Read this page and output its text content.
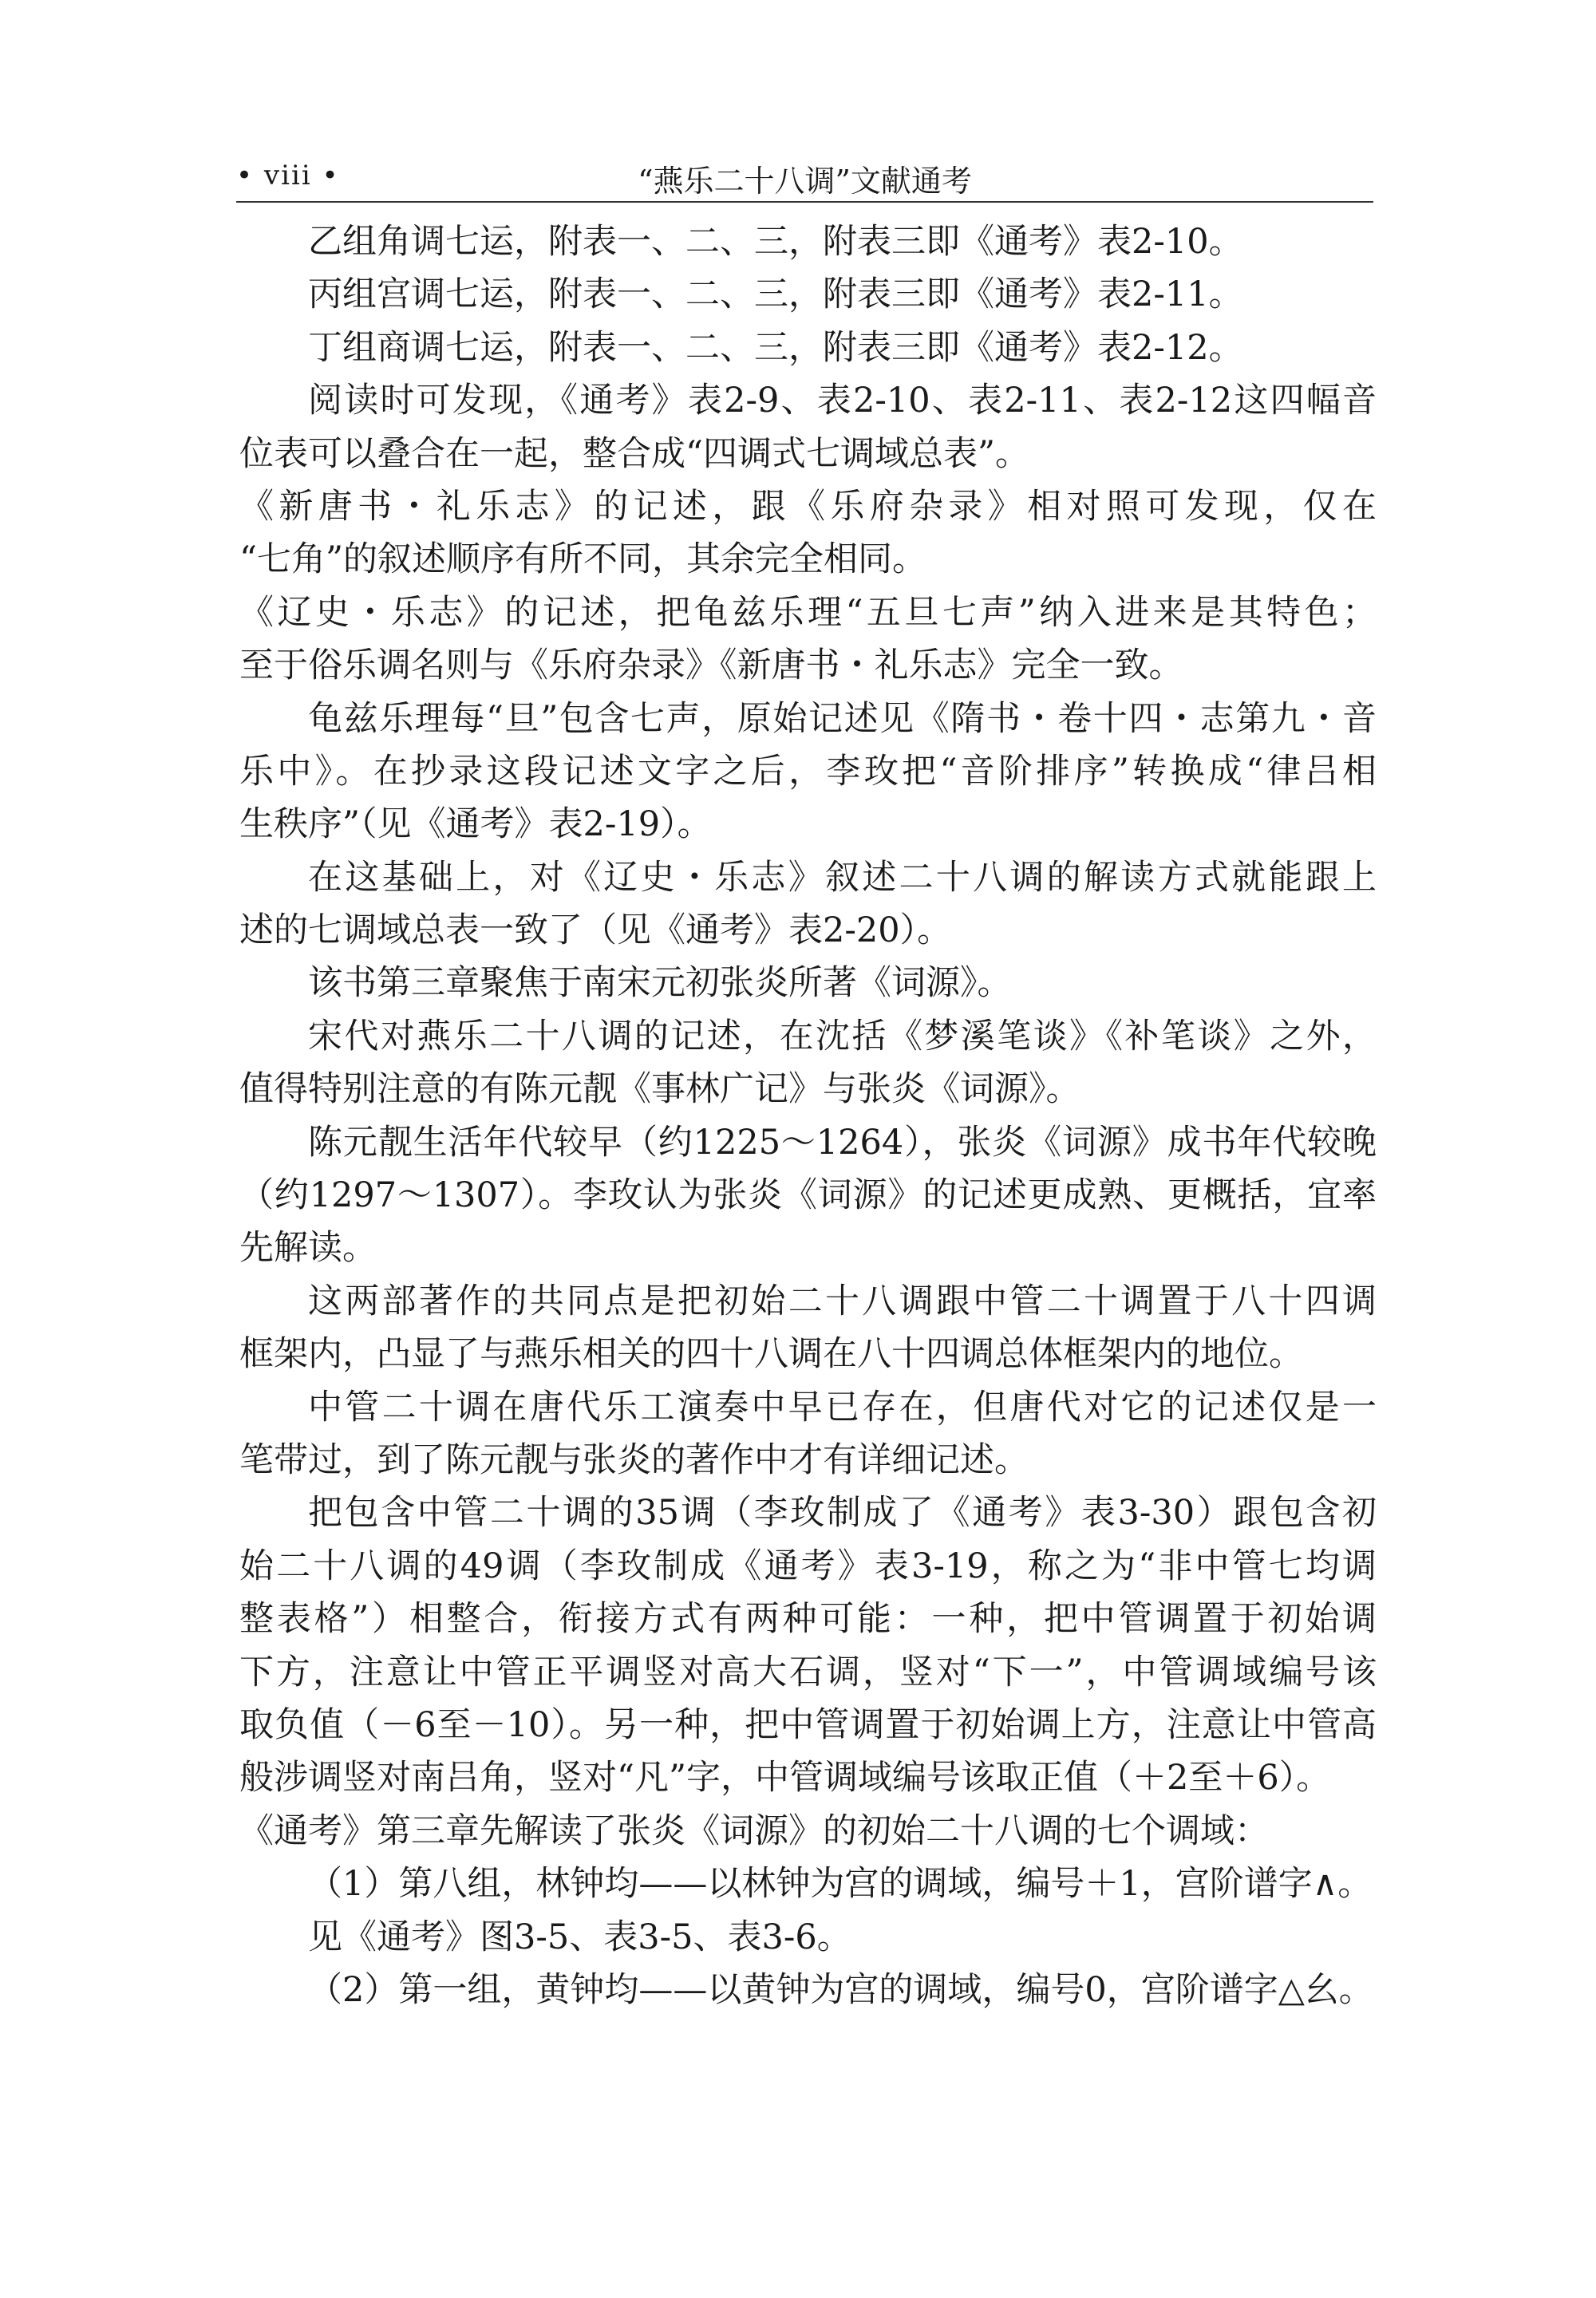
• viii •	“燕乐二十八调”文献通考
乙组角调七运，附表一、二、三，附表三即《通考》表2-10。
丙组宫调七运，附表一、二、三，附表三即《通考》表2-11。
丁组商调七运，附表一、二、三，附表三即《通考》表2-12。
阅读时可发现，《通考》表2-9、表2-10、表2-11、表2-12这四幅音
位表可以叠合在一起，整合成“四调式七调域总表”。
《新唐书・礼乐志》的记述，跟《乐府杂录》相对照可发现，仅在
“七角”的叙述顺序有所不同，其余完全相同。
《辽史・乐志》的记述，把龟兹乐理“五旦七声”纳入进来是其特色；
至于俗乐调名则与《乐府杂录》《新唐书・礼乐志》完全一致。
龟兹乐理每“旦”包含七声，原始记述见《隋书・卷十四・志第九・音
乐中》。在抄录这段记述文字之后，李玫把“音阶排序”转换成“律吕相
生秩序”（见《通考》表2-19）。
在这基础上，对《辽史・乐志》叙述二十八调的解读方式就能跟上
述的七调域总表一致了（见《通考》表2-20）。
该书第三章聚焦于南宋元初张炎所著《词源》。
宋代对燕乐二十八调的记述，在沈括《梦溪笔谈》《补笔谈》之外，
值得特别注意的有陈元靓《事林广记》与张炎《词源》。
陈元靓生活年代较早（约1225～1264），张炎《词源》成书年代较晚
（约1297～1307）。李玫认为张炎《词源》的记述更成熟、更概括，宜率
先解读。
这两部著作的共同点是把初始二十八调跟中管二十调置于八十四调
框架内，凸显了与燕乐相关的四十八调在八十四调总体框架内的地位。
中管二十调在唐代乐工演奏中早已存在，但唐代对它的记述仅是一
笔带过，到了陈元靓与张炎的著作中才有详细记述。
把包含中管二十调的35调（李玫制成了《通考》表3-30）跟包含初
始二十八调的49调（李玫制成《通考》表3-19，称之为“非中管七均调
整表格”）相整合，衔接方式有两种可能：一种，把中管调置于初始调
下方，注意让中管正平调竖对高大石调，竖对“下一”，中管调域编号该
取负值（－6至－10）。另一种，把中管调置于初始调上方，注意让中管高
般涉调竖对南吕角，竖对“凡”字，中管调域编号该取正值（＋2至＋6）。
《通考》第三章先解读了张炎《词源》的初始二十八调的七个调域：
（1）第八组，林钟均——以林钟为宫的调域，编号＋1，宫阶谱字∧。
见《通考》图3-5、表3-5、表3-6。
（2）第一组，黄钟均——以黄钟为宫的调域，编号0，宫阶谱字△幺。
